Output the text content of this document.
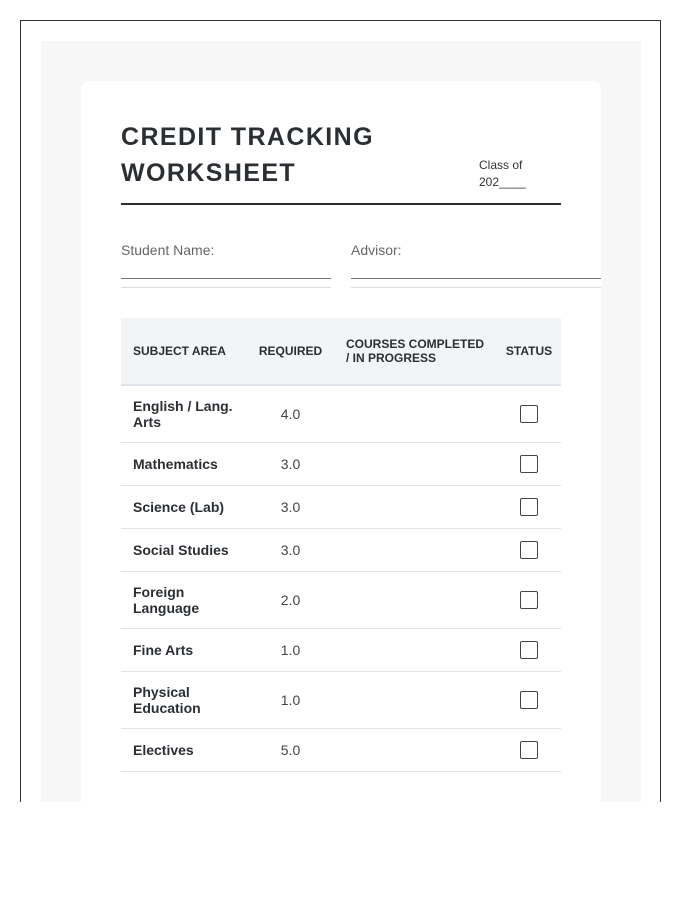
CREDIT TRACKING WORKSHEET	Class of 202____
Student Name:	Advisor:
SUBJECT AREA	REQUIRED	COURSES COMPLETED / IN PROGRESS	STATUS
English / Lang. Arts	4.0		
Mathematics	3.0		
Science (Lab)	3.0		
Social Studies	3.0		
Foreign Language	2.0		
Fine Arts	1.0		
Physical Education	1.0		
Electives	5.0		
